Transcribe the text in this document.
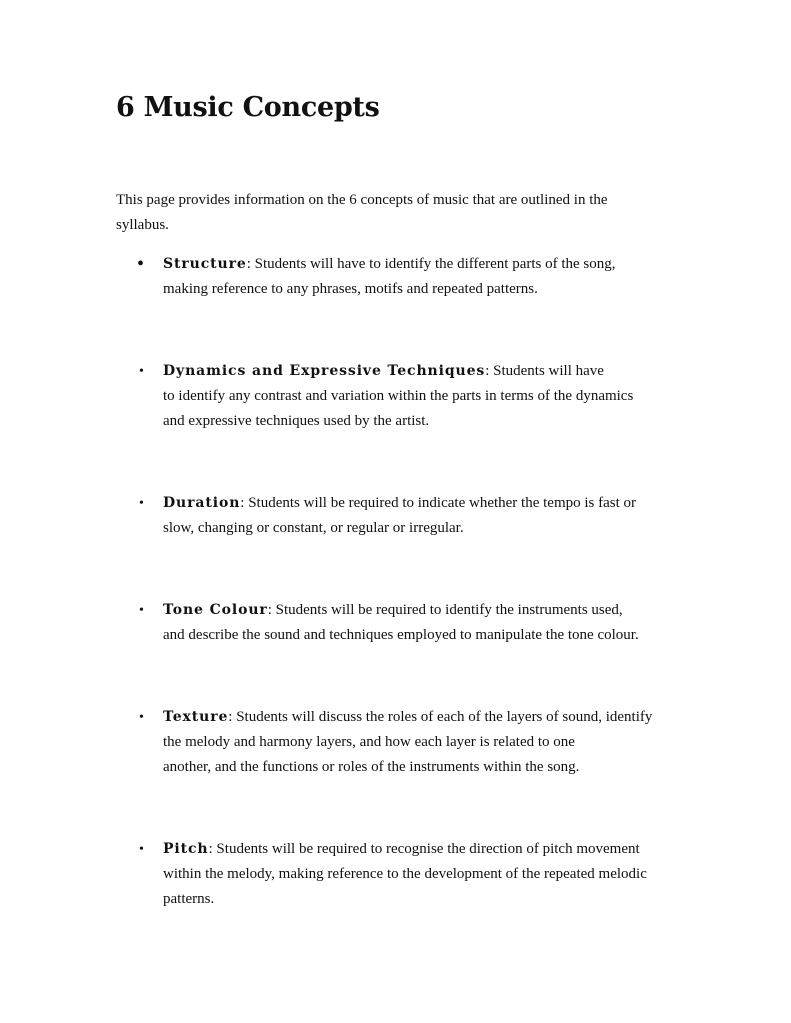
6 Music Concepts

This page provides information on the 6 concepts of music that are outlined in the
syllabus.

• Structure: Students will have to identify the different parts of the song,
making reference to any phrases, motifs and repeated patterns.
• Dynamics and Expressive Techniques: Students will have
to identify any contrast and variation within the parts in terms of the dynamics
and expressive techniques used by the artist.
• Duration: Students will be required to indicate whether the tempo is fast or
slow, changing or constant, or regular or irregular.
• Tone Colour: Students will be required to identify the instruments used,
and describe the sound and techniques employed to manipulate the tone colour.
• Texture: Students will discuss the roles of each of the layers of sound, identify
the melody and harmony layers, and how each layer is related to one
another, and the functions or roles of the instruments within the song.
• Pitch: Students will be required to recognise the direction of pitch movement
within the melody, making reference to the development of the repeated melodic
patterns.
